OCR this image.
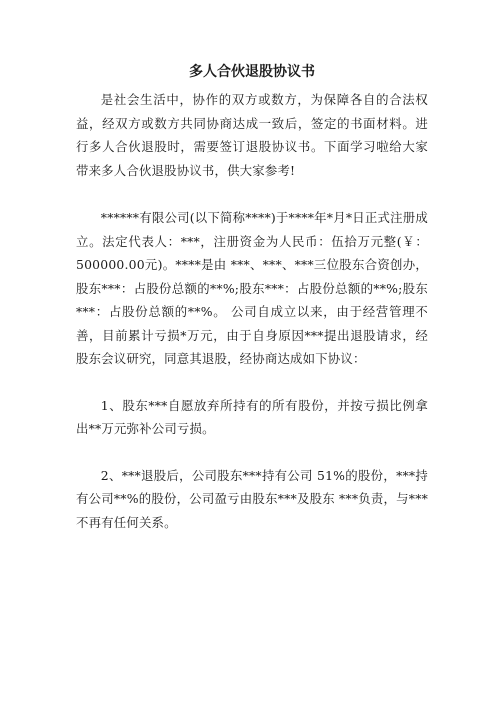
多人合伙退股协议书

是社会生活中，协作的双方或数方，为保障各自的合法权益，经双方或数方共同协商达成一致后，签定的书面材料。进行多人合伙退股时，需要签订退股协议书。下面学习啦给大家带来多人合伙退股协议书，供大家参考!

******有限公司(以下简称****)于****年*月*日正式注册成立。法定代表人：***，注册资金为人民币：伍拾万元整(￥：500000.00元)。****是由 ***、***、***三位股东合资创办，股东***：占股份总额的**%;股东***：占股份总额的**%;股东***：占股份总额的**%。 公司自成立以来，由于经营管理不善，目前累计亏损*万元，由于自身原因***提出退股请求，经股东会议研究，同意其退股，经协商达成如下协议：

1、股东***自愿放弃所持有的所有股份，并按亏损比例拿出**万元弥补公司亏损。

2、***退股后，公司股东***持有公司 51%的股份，***持有公司**%的股份，公司盈亏由股东***及股东 ***负责，与***不再有任何关系。
